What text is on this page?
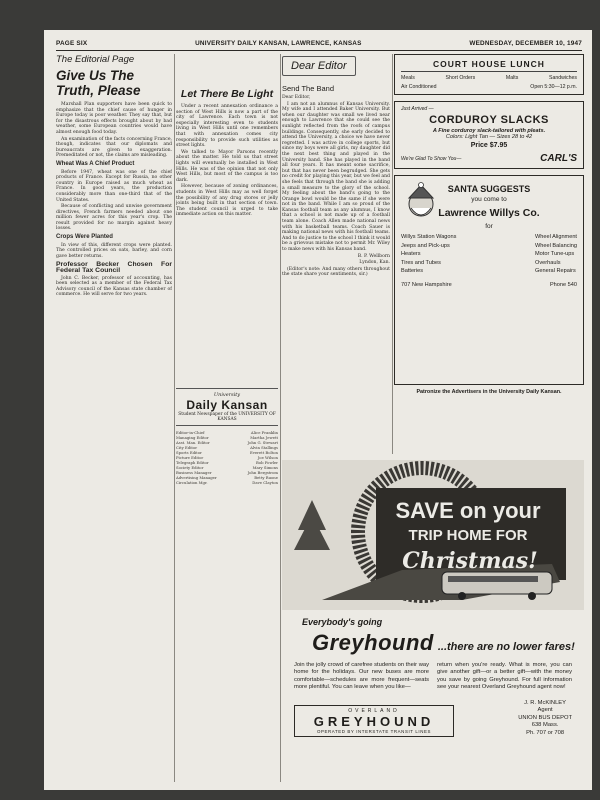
PAGE SIX	UNIVERSITY DAILY KANSAN, LAWRENCE, KANSAS	WEDNESDAY, DECEMBER 10, 1947
The Editorial Page
Give Us The Truth, Please

Marshall Plan supporters have been quick to emphasize that the chief cause of hunger in Europe today is poor weather. They say that, but for the disastrous effects brought about by bad weather, some European countries would have almost enough food today.

An examination of the facts concerning France, though, indicates that our diplomats and bureaucrats are given to exaggeration. Premeditated or not, the claims are misleading.

Wheat Was A Chief Product

Before 1947, wheat was one of the chief products of France. Except for Russia, no other country in Europe raised as much wheat as France. In good years, the production considerably more than one-third that of the United States.

Because of conflicting and unwise government directives, French farmers needed about one million fewer acres for this year's crop. The result provided for no margin against heavy losses.

Crops Were Planted

In view of this, different crops were planted. The controlled prices on oats, barley, and corn gave better returns.

Professor Becker Chosen For Federal Tax Council

John C. Becker, professor of accounting, has been selected as a member of the Federal Tax Advisory council of the Kansas state chamber of commerce. He will serve for two years.

Let There Be Light

Under a recent annexation ordinance a section of West Hills is now a part of the city of Lawrence. Each town is not especially interesting even to students living in West Hills until one remembers that with annexation comes city responsibility to provide such utilities as street lights.

We talked to Mayor Parsons recently about the matter. He told us that street lights will eventually be installed in West Hills. He was of the opinion that not only West Hills, but most of the campus is too dark.

However, because of zoning ordinances, students in West Hills may as well forget the possibility of any drug stores or jelly joints being built in that section of town. The student council is urged to take immediate action on this matter.

University
Daily Kansan
Student Newspaper of the UNIVERSITY OF KANSAS
Editor-in-Chief	Alice Franklin
Managing Editor	Martha Jewett
Asst. Man. Editor	John G. Stewart
City Editor	Alvin Stallings
Sports Editor	Everett Bolton
Picture Editor	Joe Wilson
Telegraph Editor	Bob Fowler
Society Editor	Mary Simons
Business Manager	John Bergstrom
Advertising Manager	Betty Ruone
Circulation Mgr.	Dave Clayton
Dear Editor
Send The Band

Dear Editor,

I am not an alumnus of Kansas University. My wife and I attended Baker University. But when our daughter was small we lived near enough to Lawrence that she could see the sunlight reflected from the roofs of campus buildings. Consequently, she early decided to attend the University, a choice we have never regretted. I was active in college sports, but since my boys were all girls, my daughter did the next best thing and played in the University band. She has played in the band all four years. It has meant some sacrifice, but that has never been begrudged. She gets no credit for playing this year, but we feel and she feels that through the band she is adding a small measure to the glory of the school. My feeling about the band's going to the Orange bowl would be the same if she were not in the band. While I am so proud of the Kansas football team as any alumnus, I know that a school is not made up of a football team alone. Coach Allen made national news with his basketball teams. Coach Sauer is making national news with his football teams. And to do justice to the school I think it would be a grievous mistake not to permit Mr. Wiley to make news with his Kansas band.

B. P. Wellborn

Lyndon, Kan.

(Editor's note: And many others throughout the state share your sentiments, sir.)

COURT HOUSE LUNCH
Meals	Short Orders	Malts	Sandwiches
Air Conditioned	Open 5:30—12 p.m.
Just Arrived —
CORDUROY SLACKS
A Fine corduroy slack-tailored with pleats.
Colors: Light Tan — Sizes 28 to 42
Price $7.95
We're Glad To Show You—	CARL'S
SANTA SUGGESTS
you come to
Lawrence Willys Co.
for
Willys Station Wagons
Jeeps and Pick-ups
Heaters
Tires and Tubes
Batteries
Wheel Alignment
Wheel Balancing
Motor Tune-ups
Overhauls
General Repairs
707 New Hampshire	Phone 540
Patronize the Advertisers in the University Daily Kansan.
SAVE on your
TRIP HOME FOR
Christmas!
Everybody's going
Greyhound ...there are no lower fares!
Join the jolly crowd of carefree students on their way home for the holidays. Our new buses are more comfortable—schedules are more frequent—seats more plentiful. You can leave when you like—
return when you're ready. What is more, you can give another gift—or a better gift—with the money you save by going Greyhound. For full information see your nearest Overland Greyhound agent now!
OVERLAND
GREYHOUND
OPERATED BY INTERSTATE TRANSIT LINES
J. R. McKINLEY
Agent
UNION BUS DEPOT
638 Mass.
Ph. 707 or 708
